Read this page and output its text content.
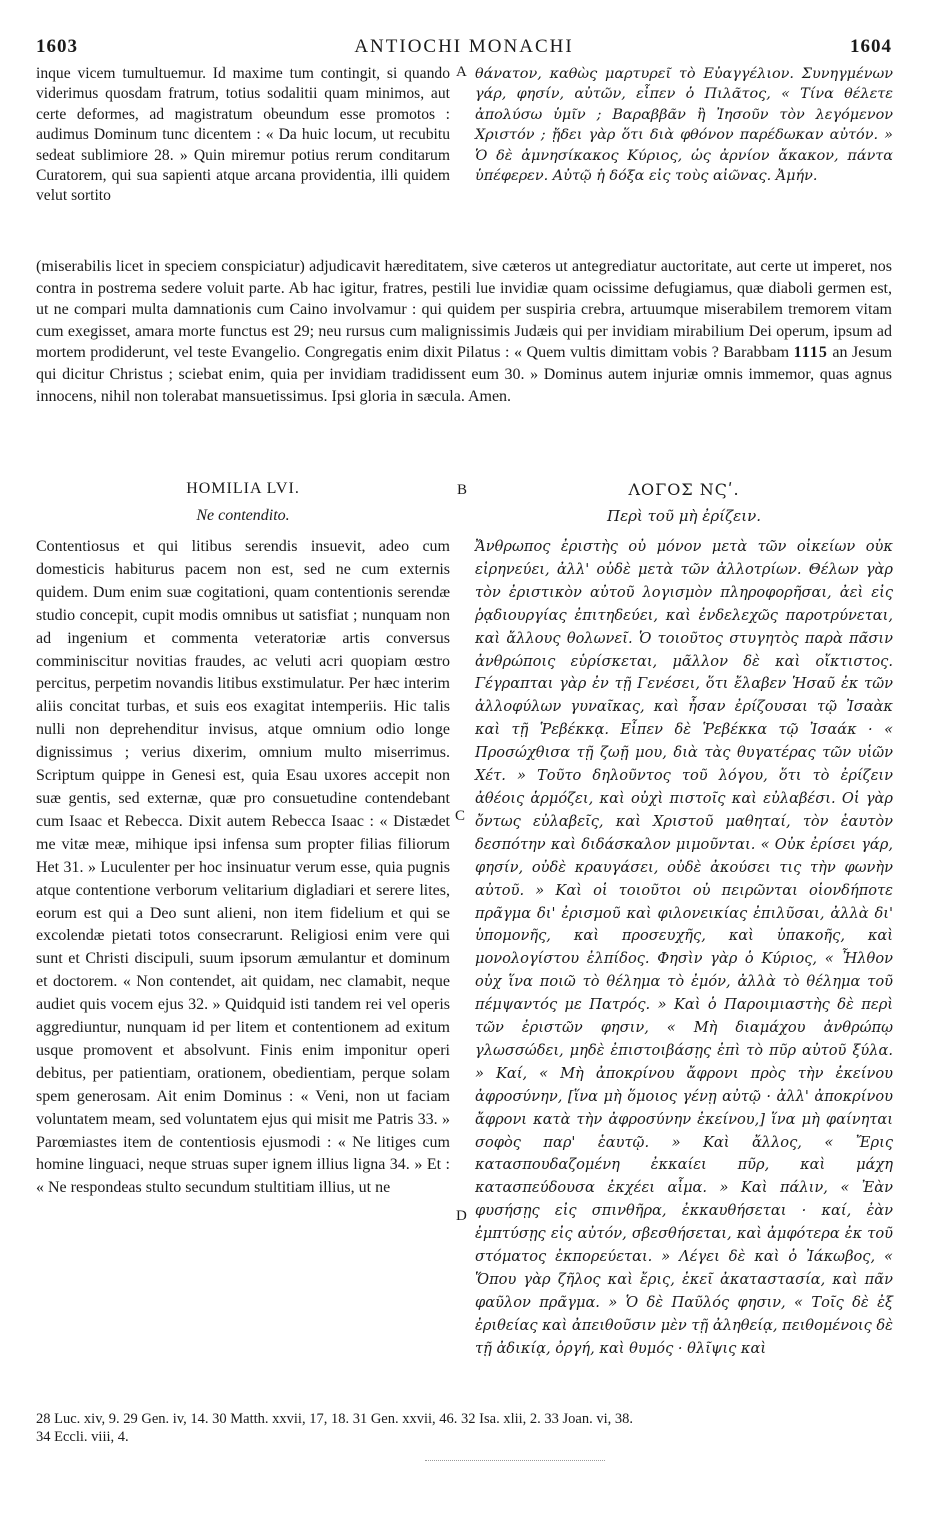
1603	ANTIOCHI MONACHI	1604

inque vicem tumultuemur. Id maxime tum contingit, si quando viderimus quosdam fratrum, totius sodalitii quam minimos, aut certe deformes, ad magistratum obeundum esse promotos : audimus Dominum tunc dicentem : « Da huic locum, ut recubitu sedeat sublimiore 28. » Quin miremur potius rerum conditarum Curatorem, qui sua sapienti atque arcana providentia, illi quidem velut sortito

A θάνατον, καθὼς μαρτυρεῖ τὸ Εὐαγγέλιον. Συνηγμένων γάρ, φησίν, αὐτῶν, εἶπεν ὁ Πιλᾶτος, « Τίνα θέλετε ἀπολύσω ὑμῖν ; Βαραββᾶν ἢ Ἰησοῦν τὸν λεγόμενον Χριστόν ; ᾔδει γὰρ ὅτι διὰ φθόνον παρέδωκαν αὐτόν. » Ὁ δὲ ἀμνησίκακος Κύριος, ὡς ἀρνίον ἄκακον, πάντα ὑπέφερεν. Αὐτῷ ἡ δόξα εἰς τοὺς αἰῶνας. Ἀμήν.

(miserabilis licet in speciem conspiciatur) adjudicavit hæreditatem, sive cæteros ut antegrediatur auctoritate, aut certe ut imperet, nos contra in postrema sedere voluit parte. Ab hac igitur, fratres, pestili lue invidiæ quam ocissime defugiamus, quæ diaboli germen est, ut ne compari multa damnationis cum Caino involvamur : qui quidem per suspiria crebra, artuumque miserabilem tremorem vitam cum exegisset, amara morte functus est 29; neu rursus cum malignissimis Judæis qui per invidiam mirabilium Dei operum, ipsum ad mortem prodiderunt, vel teste Evangelio. Congregatis enim dixit Pilatus : « Quem vultis dimittam vobis ? Barabbam 1115 an Jesum qui dicitur Christus ; sciebat enim, quia per invidiam tradidissent eum 30. » Dominus autem injuriæ omnis immemor, quas agnus innocens, nihil non tolerabat mansuetissimus. Ipsi gloria in sæcula. Amen.

HOMILIA LVI.	B	ΛΟΓΟΣ ΝϚʹ.
Ne contendito.	Περὶ τοῦ μὴ ἐρίζειν.

Contentiosus et qui litibus serendis insuevit, adeo cum domesticis habiturus pacem non est, sed ne cum externis quidem. Dum enim suæ cogitationi, quam contentionis serendæ studio concepit, cupit modis omnibus ut satisfiat ; nunquam non ad ingenium et commenta veteratoriæ artis conversus comminiscitur novitias fraudes, ac veluti acri quopiam œstro percitus, perpetim novandis litibus exstimulatur. Per hæc interim aliis concitat turbas, et suis eos exagitat intemperiis. Hic talis nulli non deprehenditur invisus, atque omnium odio longe dignissimus ; verius dixerim, omnium multo miserrimus. Scriptum quippe in Genesi est, quia Esau uxores accepit non suæ gentis, sed externæ, quæ pro consuetudine contendebant cum Isaac et Rebecca. Dixit autem Rebecca Isaac : « Distædet me vitæ meæ, mihique ipsi infensa sum propter filias filiorum Het 31. » Luculenter per hoc insinuatur verum esse, quia pugnis atque contentione verborum velitarium digladiari et serere lites, eorum est qui a Deo sunt alieni, non item fidelium et qui se excolendæ pietati totos consecrarunt. Religiosi enim vere qui sunt et Christi discipuli, suum ipsorum æmulantur et dominum et doctorem. « Non contendet, ait quidam, nec clamabit, neque audiet quis vocem ejus 32. » Quidquid isti tandem rei vel operis aggrediuntur, nunquam id per litem et contentionem ad exitum usque promovent et absolvunt. Finis enim imponitur operi debitus, per patientiam, orationem, obedientiam, perque solam spem generosam. Ait enim Dominus : « Veni, non ut faciam voluntatem meam, sed voluntatem ejus qui misit me Patris 33. » Parœmiastes item de contentiosis ejusmodi : « Ne litiges cum homine linguaci, neque struas super ignem illius ligna 34. » Et : « Ne respondeas stulto secundum stultitiam illius, ut ne

C
D

Ἄνθρωπος ἐριστὴς οὐ μόνον μετὰ τῶν οἰκείων οὐκ εἰρηνεύει, ἀλλ' οὐδὲ μετὰ τῶν ἀλλοτρίων. Θέλων γὰρ τὸν ἐριστικὸν αὐτοῦ λογισμὸν πληροφορῆσαι, ἀεὶ εἰς ῥᾳδιουργίας ἐπιτηδεύει, καὶ ἐνδελεχῶς παροτρύνεται, καὶ ἄλλους θολωνεῖ. Ὁ τοιοῦτος στυγητὸς παρὰ πᾶσιν ἀνθρώποις εὑρίσκεται, μᾶλλον δὲ καὶ οἴκτιστος. Γέγραπται γὰρ ἐν τῇ Γενέσει, ὅτι ἔλαβεν Ἡσαῦ ἐκ τῶν ἀλλοφύλων γυναῖκας, καὶ ἦσαν ἐρίζουσαι τῷ Ἰσαὰκ καὶ τῇ Ῥεβέκκᾳ. Εἶπεν δὲ Ῥεβέκκα τῷ Ἰσαάκ · « Προσώχθισα τῇ ζωῇ μου, διὰ τὰς θυγατέρας τῶν υἱῶν Χέτ. » Τοῦτο δηλοῦντος τοῦ λόγου, ὅτι τὸ ἐρίζειν ἀθέοις ἁρμόζει, καὶ οὐχὶ πιστοῖς καὶ εὐλαβέσι. Οἱ γὰρ ὄντως εὐλαβεῖς, καὶ Χριστοῦ μαθηταί, τὸν ἑαυτὸν δεσπότην καὶ διδάσκαλον μιμοῦνται. « Οὐκ ἐρίσει γάρ, φησίν, οὐδὲ κραυγάσει, οὐδὲ ἀκούσει τις τὴν φωνὴν αὐτοῦ. » Καὶ οἱ τοιοῦτοι οὐ πειρῶνται οἱονδήποτε πρᾶγμα δι' ἐρισμοῦ καὶ φιλονεικίας ἐπιλῦσαι, ἀλλὰ δι' ὑπομονῆς, καὶ προσευχῆς, καὶ ὑπακοῆς, καὶ μονολογίστου ἐλπίδος. Φησὶν γὰρ ὁ Κύριος, « Ἦλθον οὐχ ἵνα ποιῶ τὸ θέλημα τὸ ἐμόν, ἀλλὰ τὸ θέλημα τοῦ πέμψαντός με Πατρός. » Καὶ ὁ Παροιμιαστὴς δὲ περὶ τῶν ἐριστῶν φησιν, « Μὴ διαμάχου ἀνθρώπῳ γλωσσώδει, μηδὲ ἐπιστοιβάσῃς ἐπὶ τὸ πῦρ αὐτοῦ ξύλα. » Καί, « Μὴ ἀποκρίνου ἄφρονι πρὸς τὴν ἐκείνου ἀφροσύνην, [ἵνα μὴ ὅμοιος γένῃ αὐτῷ · ἀλλ' ἀποκρίνου ἄφρονι κατὰ τὴν ἀφροσύνην ἐκείνου,] ἵνα μὴ φαίνηται σοφὸς παρ' ἑαυτῷ. » Καὶ ἄλλος, « Ἔρις κατασπουδαζομένη ἐκκαίει πῦρ, καὶ μάχη κατασπεύδουσα ἐκχέει αἷμα. » Καὶ πάλιν, « Ἐὰν φυσήσῃς εἰς σπινθῆρα, ἐκκαυθήσεται · καί, ἐὰν ἐμπτύσῃς εἰς αὐτόν, σβεσθήσεται, καὶ ἀμφότερα ἐκ τοῦ στόματος ἐκπορεύεται. » Λέγει δὲ καὶ ὁ Ἰάκωβος, « Ὅπου γὰρ ζῆλος καὶ ἔρις, ἐκεῖ ἀκαταστασία, καὶ πᾶν φαῦλον πρᾶγμα. » Ὁ δὲ Παῦλός φησιν, « Τοῖς δὲ ἐξ ἐριθείας καὶ ἀπειθοῦσιν μὲν τῇ ἀληθείᾳ, πειθομένοις δὲ τῇ ἀδικίᾳ, ὀργή, καὶ θυμός · θλῖψις καὶ

28 Luc. xiv, 9. 29 Gen. iv, 14. 30 Matth. xxvii, 17, 18. 31 Gen. xxvii, 46. 32 Isa. xlii, 2. 33 Joan. vi, 38.
34 Eccli. viii, 4.
